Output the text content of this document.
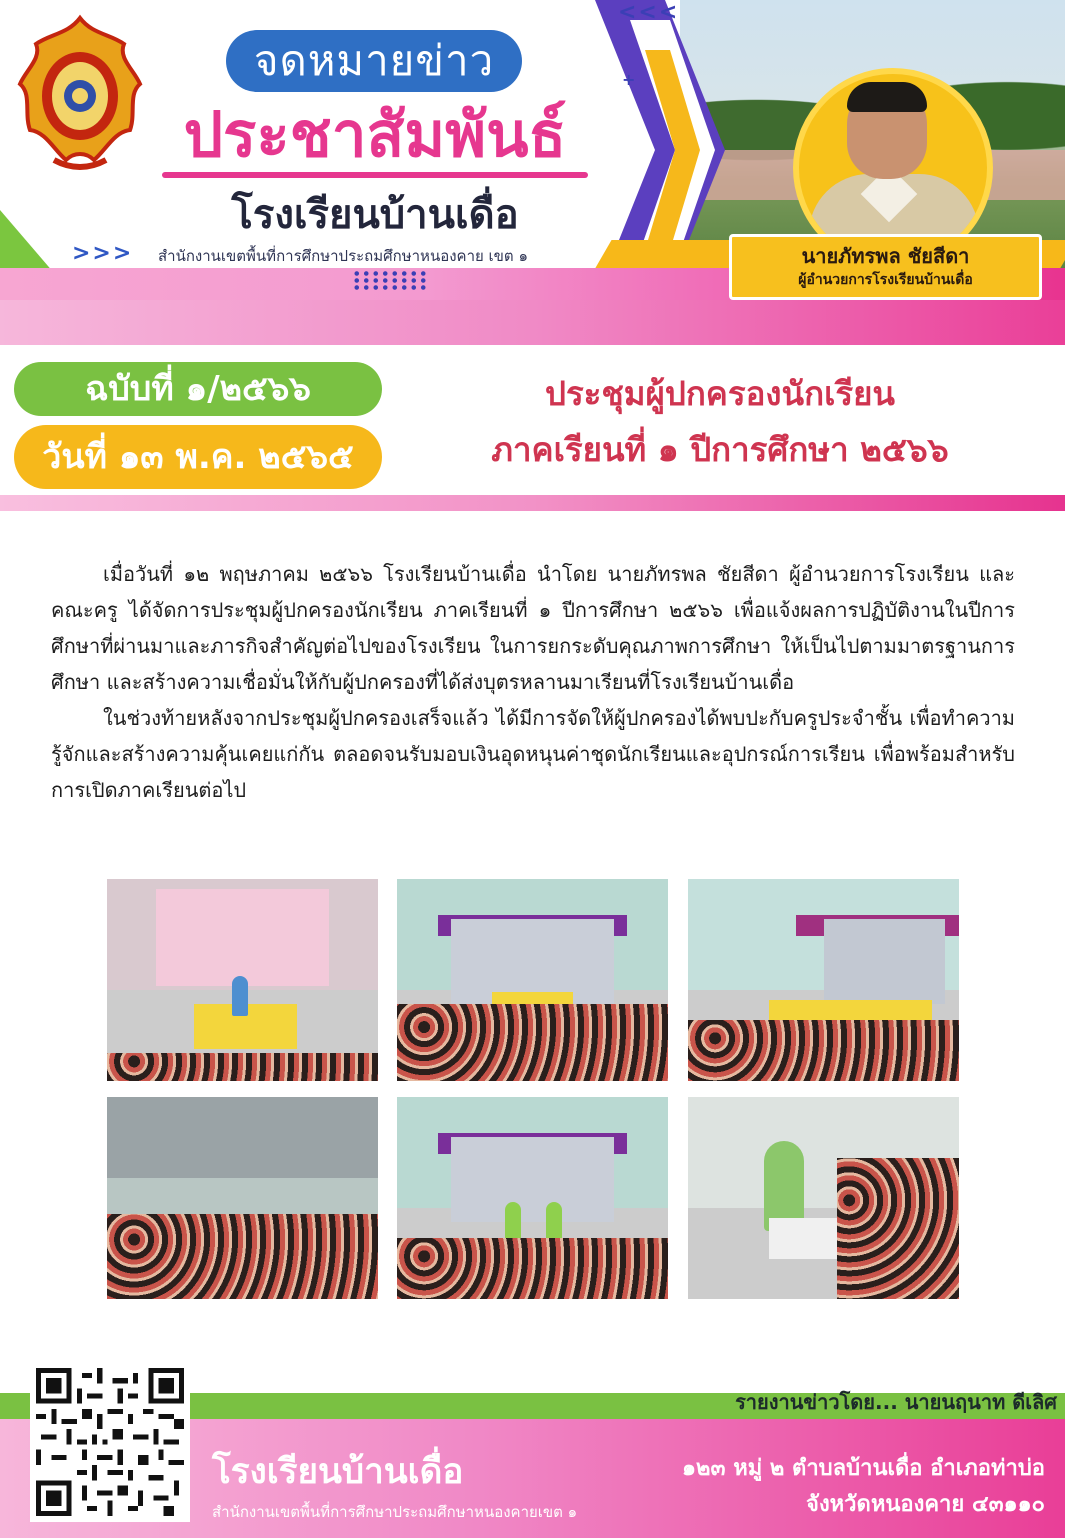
นายภัทรพล ชัยสีดา
ผู้อำนวยการโรงเรียนบ้านเดื่อ
จดหมายข่าว
ประชาสัมพันธ์
โรงเรียนบ้านเดื่อ
>>>
<<<
+
สำนักงานเขตพื้นที่การศึกษาประถมศึกษาหนองคาย เขต ๑
ฉบับที่ ๑/๒๕๖๖
วันที่ ๑๓ พ.ค. ๒๕๖๕
ประชุมผู้ปกครองนักเรียน
ภาคเรียนที่ ๑ ปีการศึกษา ๒๕๖๖

เมื่อวันที่ ๑๒ พฤษภาคม ๒๕๖๖ โรงเรียนบ้านเดื่อ นำโดย นายภัทรพล ชัยสีดา ผู้อำนวยการโรงเรียน และคณะครู ได้จัดการประชุมผู้ปกครองนักเรียน ภาคเรียนที่ ๑ ปีการศึกษา ๒๕๖๖ เพื่อแจ้งผลการปฏิบัติงานในปีการศึกษาที่ผ่านมาและภารกิจสำคัญต่อไปของโรงเรียน ในการยกระดับคุณภาพการศึกษา ให้เป็นไปตามมาตรฐานการศึกษา และสร้างความเชื่อมั่นให้กับผู้ปกครองที่ได้ส่งบุตรหลานมาเรียนที่โรงเรียนบ้านเดื่อ

ในช่วงท้ายหลังจากประชุมผู้ปกครองเสร็จแล้ว ได้มีการจัดให้ผู้ปกครองได้พบปะกับครูประจำชั้น เพื่อทำความรู้จักและสร้างความคุ้นเคยแก่กัน ตลอดจนรับมอบเงินอุดหนุนค่าชุดนักเรียนและอุปกรณ์การเรียน เพื่อพร้อมสำหรับการเปิดภาคเรียนต่อไป

รายงานข่าวโดย... นายนฤนาท ดีเลิศ
โรงเรียนบ้านเดื่อ
สำนักงานเขตพื้นที่การศึกษาประถมศึกษาหนองคายเขต ๑
๑๒๓ หมู่ ๒ ตำบลบ้านเดื่อ อำเภอท่าบ่อ
จังหวัดหนองคาย ๔๓๑๑๐
